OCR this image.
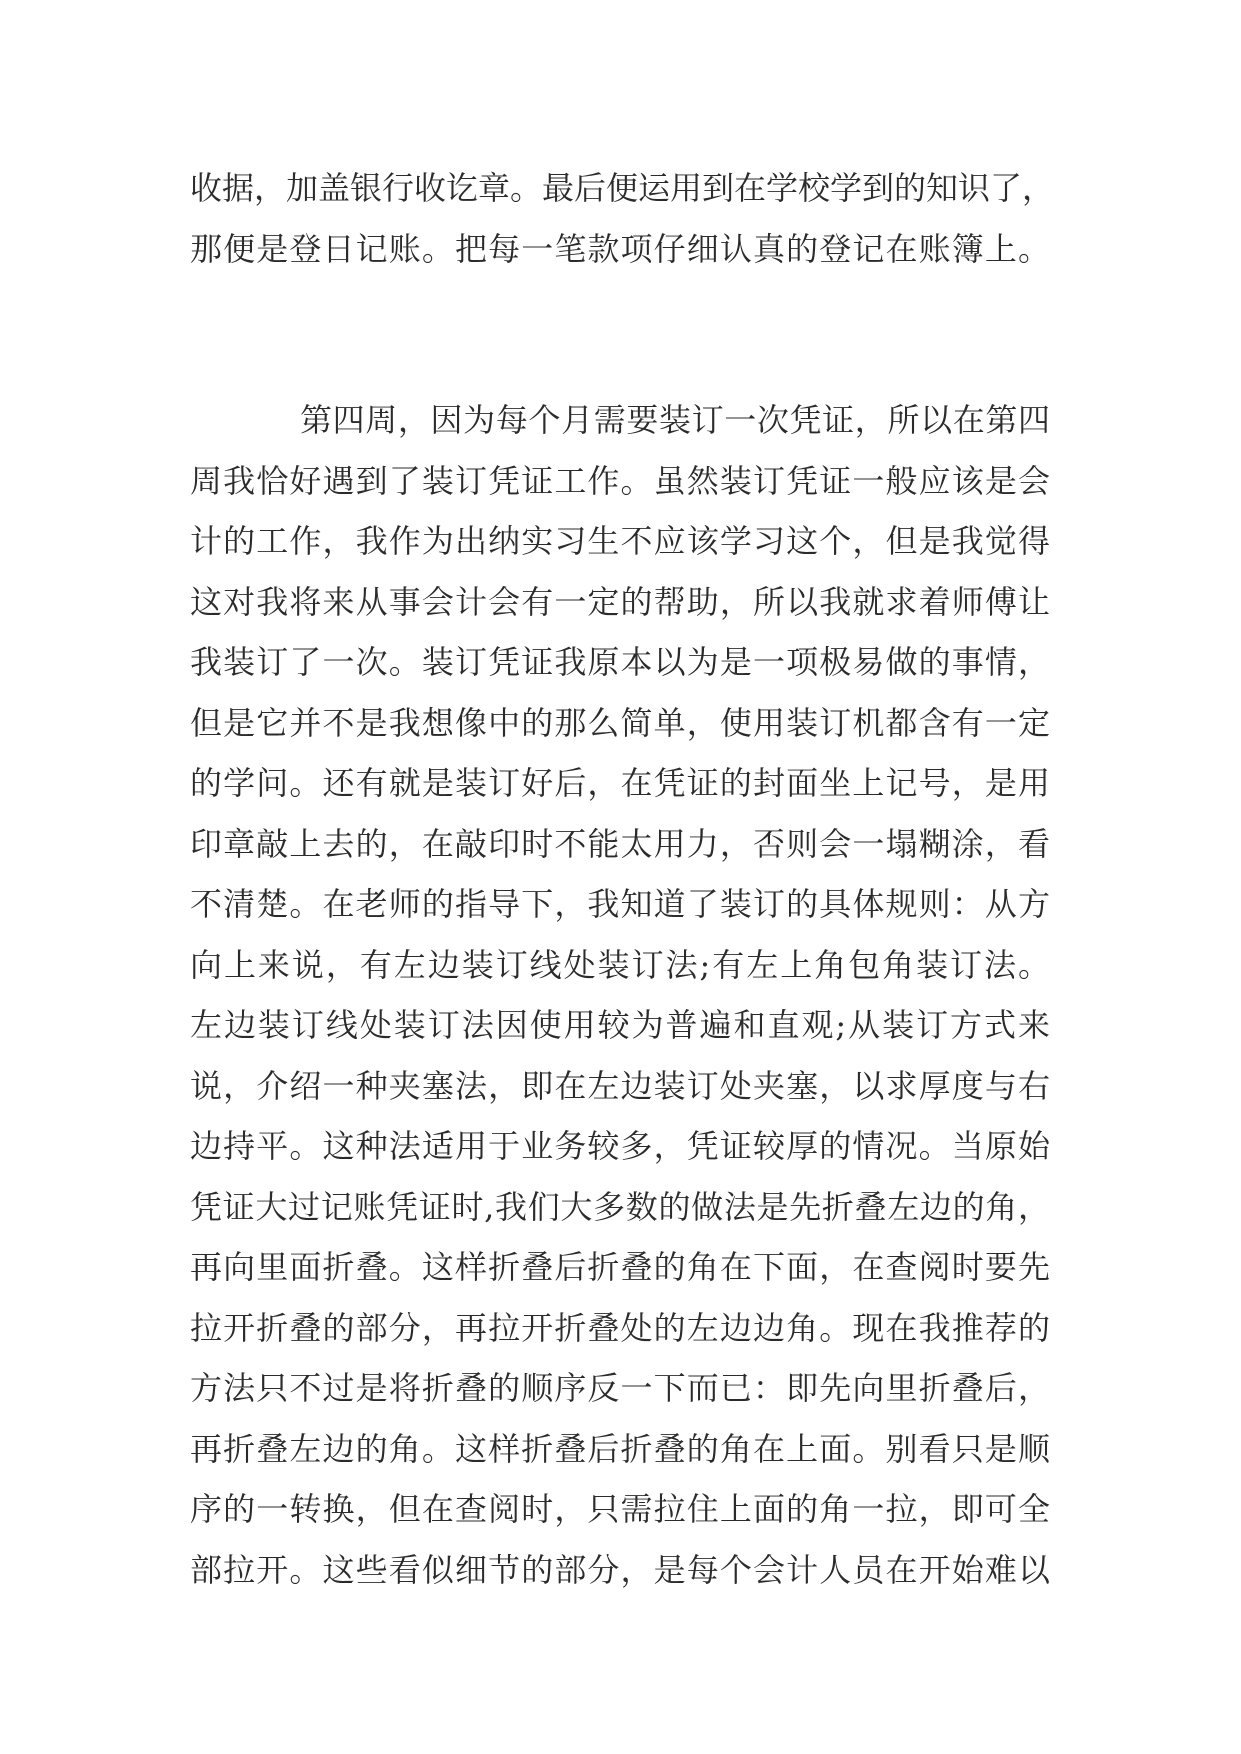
收据，加盖银行收讫章。最后便运用到在学校学到的知识了，
那便是登日记账。把每一笔款项仔细认真的登记在账簿上。
第四周，因为每个月需要装订一次凭证，所以在第四
周我恰好遇到了装订凭证工作。虽然装订凭证一般应该是会
计的工作，我作为出纳实习生不应该学习这个，但是我觉得
这对我将来从事会计会有一定的帮助，所以我就求着师傅让
我装订了一次。装订凭证我原本以为是一项极易做的事情，
但是它并不是我想像中的那么简单，使用装订机都含有一定
的学问。还有就是装订好后，在凭证的封面坐上记号，是用
印章敲上去的，在敲印时不能太用力，否则会一塌糊涂，看
不清楚。在老师的指导下，我知道了装订的具体规则：从方
向上来说，有左边装订线处装订法;有左上角包角装订法。
左边装订线处装订法因使用较为普遍和直观;从装订方式来
说，介绍一种夹塞法，即在左边装订处夹塞，以求厚度与右
边持平。这种法适用于业务较多，凭证较厚的情况。当原始
凭证大过记账凭证时,我们大多数的做法是先折叠左边的角，
再向里面折叠。这样折叠后折叠的角在下面，在查阅时要先
拉开折叠的部分，再拉开折叠处的左边边角。现在我推荐的
方法只不过是将折叠的顺序反一下而已：即先向里折叠后，
再折叠左边的角。这样折叠后折叠的角在上面。别看只是顺
序的一转换，但在查阅时，只需拉住上面的角一拉，即可全
部拉开。这些看似细节的部分，是每个会计人员在开始难以
